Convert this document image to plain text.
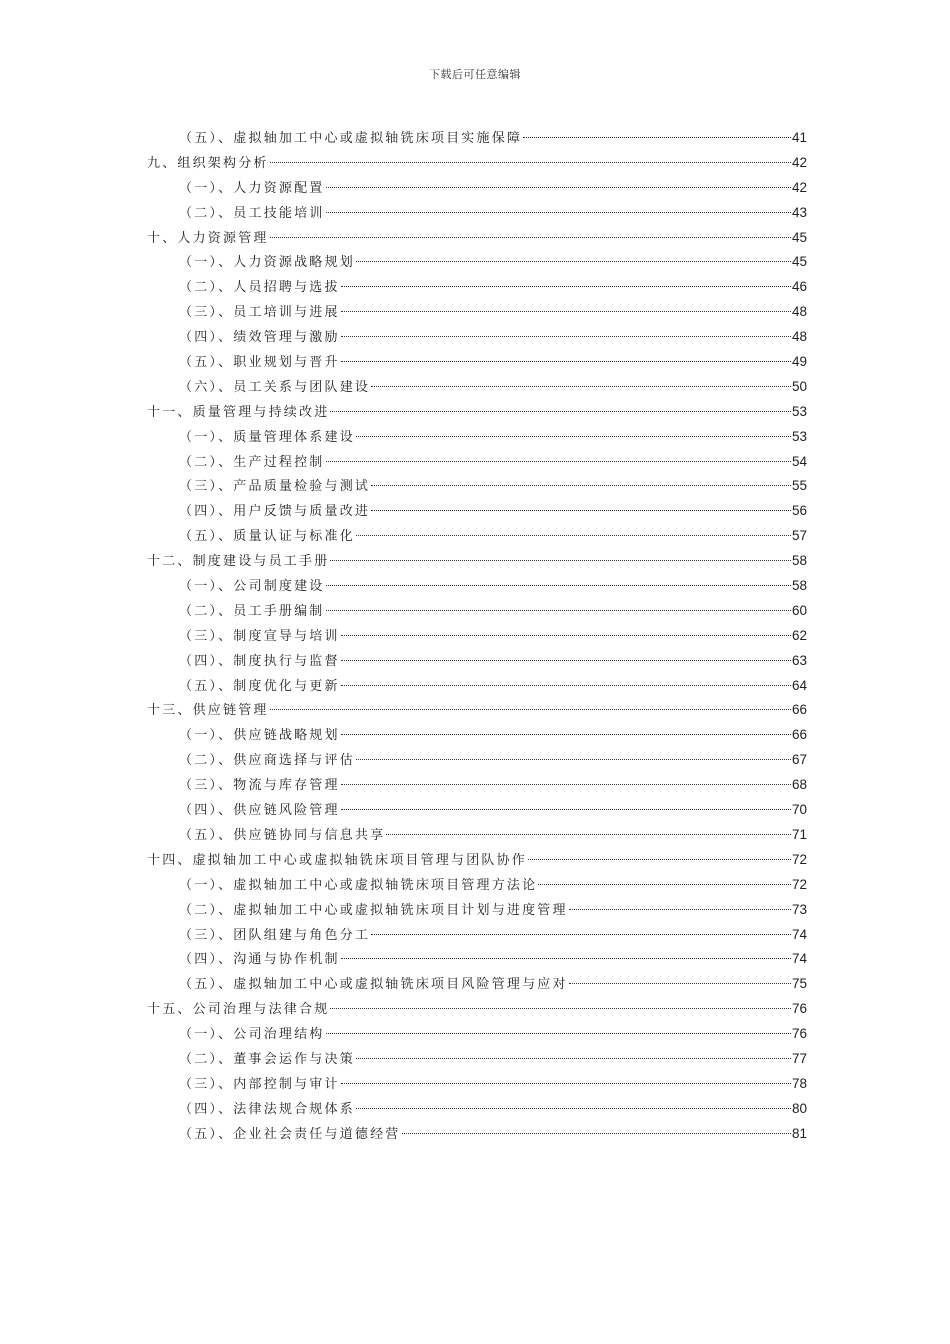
下载后可任意编辑
（五）、虚拟轴加工中心或虚拟轴铣床项目实施保障	41
九、组织架构分析	42
（一）、人力资源配置	42
（二）、员工技能培训	43
十、人力资源管理	45
（一）、人力资源战略规划	45
（二）、人员招聘与选拔	46
（三）、员工培训与进展	48
（四）、绩效管理与激励	48
（五）、职业规划与晋升	49
（六）、员工关系与团队建设	50
十一、质量管理与持续改进	53
（一）、质量管理体系建设	53
（二）、生产过程控制	54
（三）、产品质量检验与测试	55
（四）、用户反馈与质量改进	56
（五）、质量认证与标准化	57
十二、制度建设与员工手册	58
（一）、公司制度建设	58
（二）、员工手册编制	60
（三）、制度宣导与培训	62
（四）、制度执行与监督	63
（五）、制度优化与更新	64
十三、供应链管理	66
（一）、供应链战略规划	66
（二）、供应商选择与评估	67
（三）、物流与库存管理	68
（四）、供应链风险管理	70
（五）、供应链协同与信息共享	71
十四、虚拟轴加工中心或虚拟轴铣床项目管理与团队协作	72
（一）、虚拟轴加工中心或虚拟轴铣床项目管理方法论	72
（二）、虚拟轴加工中心或虚拟轴铣床项目计划与进度管理	73
（三）、团队组建与角色分工	74
（四）、沟通与协作机制	74
（五）、虚拟轴加工中心或虚拟轴铣床项目风险管理与应对	75
十五、公司治理与法律合规	76
（一）、公司治理结构	76
（二）、董事会运作与决策	77
（三）、内部控制与审计	78
（四）、法律法规合规体系	80
（五）、企业社会责任与道德经营	81
